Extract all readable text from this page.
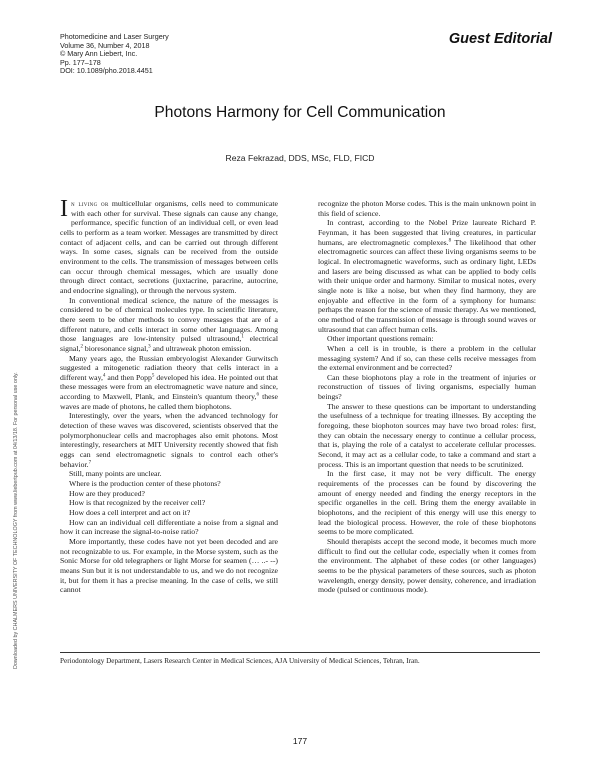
Photomedicine and Laser Surgery
Volume 36, Number 4, 2018
© Mary Ann Liebert, Inc.
Pp. 177–178
DOI: 10.1089/pho.2018.4451
Guest Editorial
Photons Harmony for Cell Communication
Reza Fekrazad, DDS, MSc, FLD, FICD
Downloaded by CHALMERS UNIVERSITY OF TECHNOLOGY from www.liebertpub.com at 04/13/18. For personal use only.

In living or multicellular organisms, cells need to communicate with each other for survival. These signals can cause any change, performance, specific function of an individual cell, or even lead cells to perform as a team worker. Messages are transmitted by direct contact of adjacent cells, and can be carried out through different ways. In some cases, signals can be received from the outside environment to the cells. The transmission of messages between cells can occur through chemical messages, which are usually done through direct contact, secretions (juxtacrine, paracrine, autocrine, and endocrine signaling), or through the nervous system.

In conventional medical science, the nature of the messages is considered to be of chemical molecules type. In scientific literature, there seem to be other methods to convey messages that are of a different nature, and cells interact in some other languages. Among those languages are low-intensity pulsed ultrasound,$^1$ electrical signal,$^2$ bioresonance signal,$^3$ and ultraweak photon emission.

Many years ago, the Russian embryologist Alexander Gurwitsch suggested a mitogenetic radiation theory that cells interact in a different way,$^4$ and then Popp$^5$ developed his idea. He pointed out that these messages were from an electromagnetic wave nature and since, according to Maxwell, Plank, and Einstein's quantum theory,$^6$ these waves are made of photons, he called them biophotons.

Interestingly, over the years, when the advanced technology for detection of these waves was discovered, scientists observed that the polymorphonuclear cells and macrophages also emit photons. Most interestingly, researchers at MIT University recently showed that fish eggs can send electromagnetic signals to control each other's behavior.$^7$

Still, many points are unclear.

Where is the production center of these photons?

How are they produced?

How is that recognized by the receiver cell?

How does a cell interpret and act on it?

How can an individual cell differentiate a noise from a signal and how it can increase the signal-to-noise ratio?

More importantly, these codes have not yet been decoded and are not recognizable to us. For example, in the Morse system, such as the Sonic Morse for old telegraphers or light Morse for seamen (… ..- --) means Sun but it is not understandable to us, and we do not recognize it, but for them it has a precise meaning. In the case of cells, we still cannot

recognize the photon Morse codes. This is the main unknown point in this field of science.

In contrast, according to the Nobel Prize laureate Richard P. Feynman, it has been suggested that living creatures, in particular humans, are electromagnetic complexes.$^8$ The likelihood that other electromagnetic sources can affect these living organisms seems to be logical. In electromagnetic waveforms, such as ordinary light, LEDs and lasers are being discussed as what can be applied to body cells with their unique order and harmony. Similar to musical notes, every single note is like a noise, but when they find harmony, they are enjoyable and effective in the form of a symphony for humans: perhaps the reason for the science of music therapy. As we mentioned, one method of the transmission of message is through sound waves or ultrasound that can affect human cells.

Other important questions remain:

When a cell is in trouble, is there a problem in the cellular messaging system? And if so, can these cells receive messages from the external environment and be corrected?

Can these biophotons play a role in the treatment of injuries or reconstruction of tissues of living organisms, especially human beings?

The answer to these questions can be important to understanding the usefulness of a technique for treating illnesses. By accepting the foregoing, these biophoton sources may have two broad roles: first, they can obtain the necessary energy to continue a cellular process, that is, playing the role of a catalyst to accelerate cellular processes. Second, it may act as a cellular code, to take a command and start a process. This is an important question that needs to be scrutinized.

In the first case, it may not be very difficult. The energy requirements of the processes can be found by discovering the amount of energy needed and finding the energy receptors in the specific organelles in the cell. Bring them the energy available in biophotons, and the recipient of this energy will use this energy to lead the biological process. However, the role of these biophotons seems to be more complicated.

Should therapists accept the second mode, it becomes much more difficult to find out the cellular code, especially when it comes from the environment. The alphabet of these codes (or other languages) seems to be the physical parameters of these sources, such as photon wavelength, energy density, power density, coherence, and irradiation mode (pulsed or continuous mode).

Periodontology Department, Lasers Research Center in Medical Sciences, AJA University of Medical Sciences, Tehran, Iran.
177
